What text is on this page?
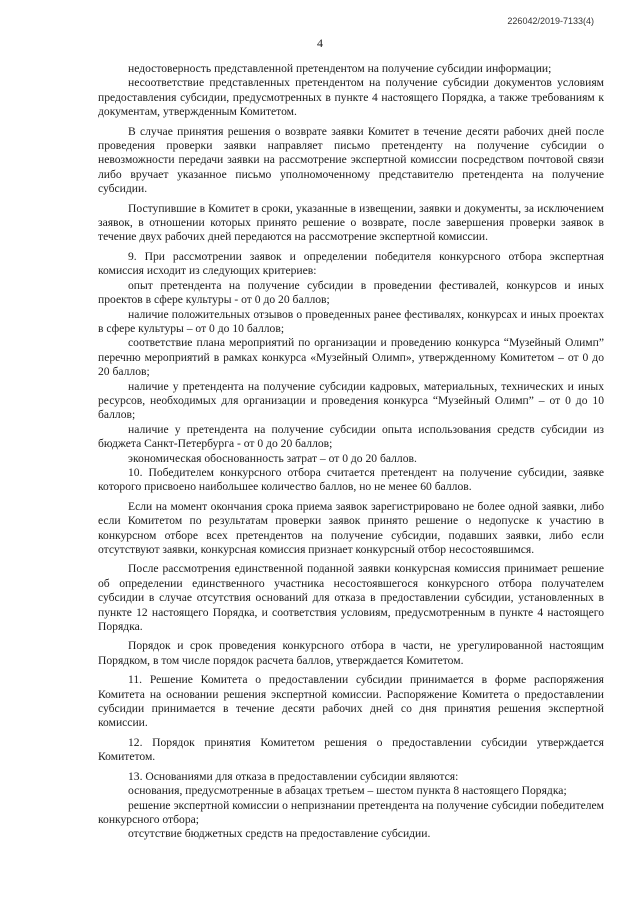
226042/2019-7133(4)
4

недостоверность представленной претендентом на получение субсидии информации;

несоответствие представленных претендентом на получение субсидии документов условиям предоставления субсидии, предусмотренных в пункте 4 настоящего Порядка, а также требованиям к документам, утвержденным Комитетом.

В случае принятия решения о возврате заявки Комитет в течение десяти рабочих дней после проведения проверки заявки направляет письмо претенденту на получение субсидии о невозможности передачи заявки на рассмотрение экспертной комиссии посредством почтовой связи либо вручает указанное письмо уполномоченному представителю претендента на получение субсидии.

Поступившие в Комитет в сроки, указанные в извещении, заявки и документы, за исключением заявок, в отношении которых принято решение о возврате, после завершения проверки заявок в течение двух рабочих дней передаются на рассмотрение экспертной комиссии.

9. При рассмотрении заявок и определении победителя конкурсного отбора экспертная комиссия исходит из следующих критериев:

опыт претендента на получение субсидии в проведении фестивалей, конкурсов и иных проектов в сфере культуры - от 0 до 20 баллов;

наличие положительных отзывов о проведенных ранее фестивалях, конкурсах и иных проектах в сфере культуры – от 0 до 10 баллов;

соответствие плана мероприятий по организации и проведению конкурса “Музейный Олимп” перечню мероприятий в рамках конкурса «Музейный Олимп», утвержденному Комитетом – от 0 до 20 баллов;

наличие у претендента на получение субсидии кадровых, материальных, технических и иных ресурсов, необходимых для организации и проведения конкурса “Музейный Олимп” – от 0 до 10 баллов;

наличие у претендента на получение субсидии опыта использования средств субсидии из бюджета Санкт-Петербурга - от 0 до 20 баллов;

экономическая обоснованность затрат – от 0 до 20 баллов.

10. Победителем конкурсного отбора считается претендент на получение субсидии, заявке которого присвоено наибольшее количество баллов, но не менее 60 баллов.

Если на момент окончания срока приема заявок зарегистрировано не более одной заявки, либо если Комитетом по результатам проверки заявок принято решение о недопуске к участию в конкурсном отборе всех претендентов на получение субсидии, подавших заявки, либо если отсутствуют заявки, конкурсная комиссия признает конкурсный отбор несостоявшимся.

После рассмотрения единственной поданной заявки конкурсная комиссия принимает решение об определении единственного участника несостоявшегося конкурсного отбора получателем субсидии в случае отсутствия оснований для отказа в предоставлении субсидии, установленных в пункте 12 настоящего Порядка, и соответствия условиям, предусмотренным в пункте 4 настоящего Порядка.

Порядок и срок проведения конкурсного отбора в части, не урегулированной настоящим Порядком, в том числе порядок расчета баллов, утверждается Комитетом.

11. Решение Комитета о предоставлении субсидии принимается в форме распоряжения Комитета на основании решения экспертной комиссии. Распоряжение Комитета о предоставлении субсидии принимается в течение десяти рабочих дней со дня принятия решения экспертной комиссии.

12. Порядок принятия Комитетом решения о предоставлении субсидии утверждается Комитетом.

13. Основаниями для отказа в предоставлении субсидии являются:

основания, предусмотренные в абзацах третьем – шестом пункта 8 настоящего Порядка;

решение экспертной комиссии о непризнании претендента на получение субсидии победителем конкурсного отбора;

отсутствие бюджетных средств на предоставление субсидии.
